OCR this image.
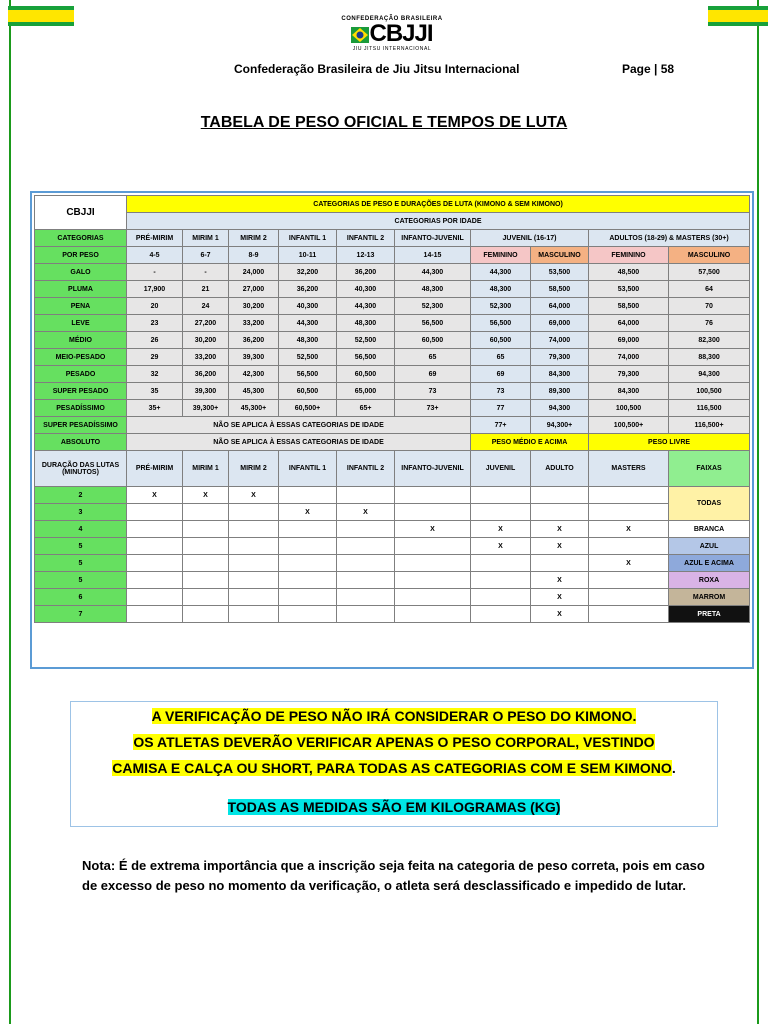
CONFEDERAÇÃO BRASILEIRA
CBJJI
JIU JITSU INTERNACIONAL
Confederação Brasileira de Jiu Jitsu Internacional	Page | 58
TABELA DE PESO OFICIAL E TEMPOS DE LUTA
CBJJI	CATEGORIAS DE PESO E DURAÇÕES DE LUTA (KIMONO & SEM KIMONO)									
	CATEGORIAS POR IDADE									
CATEGORIAS	PRÉ-MIRIM	MIRIM 1	MIRIM 2	INFANTIL 1	INFANTIL 2	INFANTO-JUVENIL	JUVENIL (16-17)		ADULTOS (18-29) & MASTERS (30+)	
POR PESO	4-5	6-7	8-9	10-11	12-13	14-15	FEMININO	MASCULINO	FEMININO	MASCULINO
GALO	-	-	24,000	32,200	36,200	44,300	44,300	53,500	48,500	57,500
PLUMA	17,900	21	27,000	36,200	40,300	48,300	48,300	58,500	53,500	64
PENA	20	24	30,200	40,300	44,300	52,300	52,300	64,000	58,500	70
LEVE	23	27,200	33,200	44,300	48,300	56,500	56,500	69,000	64,000	76
MÉDIO	26	30,200	36,200	48,300	52,500	60,500	60,500	74,000	69,000	82,300
MEIO-PESADO	29	33,200	39,300	52,500	56,500	65	65	79,300	74,000	88,300
PESADO	32	36,200	42,300	56,500	60,500	69	69	84,300	79,300	94,300
SUPER PESADO	35	39,300	45,300	60,500	65,000	73	73	89,300	84,300	100,500
PESADÍSSIMO	35+	39,300+	45,300+	60,500+	65+	73+	77	94,300	100,500	116,500
SUPER PESADÍSSIMO	NÃO SE APLICA À ESSAS CATEGORIAS DE IDADE						77+	94,300+	100,500+	116,500+
ABSOLUTO	NÃO SE APLICA À ESSAS CATEGORIAS DE IDADE						PESO MÉDIO E ACIMA		PESO LIVRE	
DURAÇÃO DAS LUTAS
(MINUTOS)	PRÉ-MIRIM	MIRIM 1	MIRIM 2	INFANTIL 1	INFANTIL 2	INFANTO-JUVENIL	JUVENIL	ADULTO	MASTERS	FAIXAS
2	X	X	X							TODAS
3				X	X					
4						X	X	X	X	BRANCA
5							X	X		AZUL
5									X	AZUL E ACIMA
5								X		ROXA
6								X		MARROM
7								X		PRETA
A VERIFICAÇÃO DE PESO NÃO IRÁ CONSIDERAR O PESO DO KIMONO.
OS ATLETAS DEVERÃO VERIFICAR APENAS O PESO CORPORAL, VESTINDO
CAMISA E CALÇA OU SHORT, PARA TODAS AS CATEGORIAS COM E SEM KIMONO.
TODAS AS MEDIDAS SÃO EM KILOGRAMAS (KG)
Nota: É de extrema importância que a inscrição seja feita na categoria de peso correta, pois em caso de excesso de peso no momento da verificação, o atleta será desclassificado e impedido de lutar.
